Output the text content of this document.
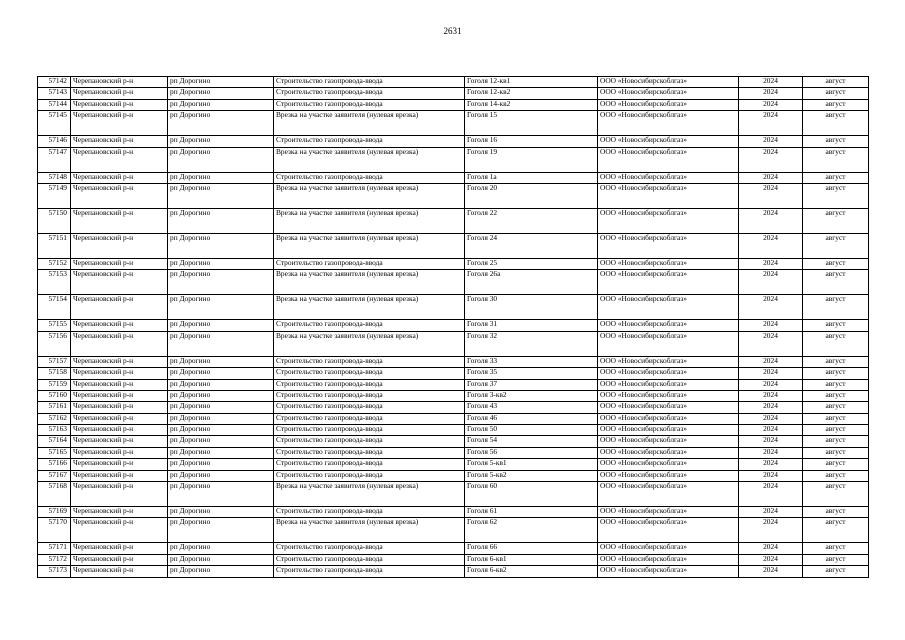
2631
57142	Черепановский р-н	рп Дорогино	Строительство газопровода-ввода	Гоголя 12-кв1	ООО «Новосибирскоблгаз»	2024	август
57143	Черепановский р-н	рп Дорогино	Строительство газопровода-ввода	Гоголя 12-кв2	ООО «Новосибирскоблгаз»	2024	август
57144	Черепановский р-н	рп Дорогино	Строительство газопровода-ввода	Гоголя 14-кв2	ООО «Новосибирскоблгаз»	2024	август
57145	Черепановский р-н	рп Дорогино	Врезка на участке заявителя (нулевая врезка)	Гоголя 15	ООО «Новосибирскоблгаз»	2024	август
57146	Черепановский р-н	рп Дорогино	Строительство газопровода-ввода	Гоголя 16	ООО «Новосибирскоблгаз»	2024	август
57147	Черепановский р-н	рп Дорогино	Врезка на участке заявителя (нулевая врезка)	Гоголя 19	ООО «Новосибирскоблгаз»	2024	август
57148	Черепановский р-н	рп Дорогино	Строительство газопровода-ввода	Гоголя 1а	ООО «Новосибирскоблгаз»	2024	август
57149	Черепановский р-н	рп Дорогино	Врезка на участке заявителя (нулевая врезка)	Гоголя 20	ООО «Новосибирскоблгаз»	2024	август
57150	Черепановский р-н	рп Дорогино	Врезка на участке заявителя (нулевая врезка)	Гоголя 22	ООО «Новосибирскоблгаз»	2024	август
57151	Черепановский р-н	рп Дорогино	Врезка на участке заявителя (нулевая врезка)	Гоголя 24	ООО «Новосибирскоблгаз»	2024	август
57152	Черепановский р-н	рп Дорогино	Строительство газопровода-ввода	Гоголя 25	ООО «Новосибирскоблгаз»	2024	август
57153	Черепановский р-н	рп Дорогино	Врезка на участке заявителя (нулевая врезка)	Гоголя 26а	ООО «Новосибирскоблгаз»	2024	август
57154	Черепановский р-н	рп Дорогино	Врезка на участке заявителя (нулевая врезка)	Гоголя 30	ООО «Новосибирскоблгаз»	2024	август
57155	Черепановский р-н	рп Дорогино	Строительство газопровода-ввода	Гоголя 31	ООО «Новосибирскоблгаз»	2024	август
57156	Черепановский р-н	рп Дорогино	Врезка на участке заявителя (нулевая врезка)	Гоголя 32	ООО «Новосибирскоблгаз»	2024	август
57157	Черепановский р-н	рп Дорогино	Строительство газопровода-ввода	Гоголя 33	ООО «Новосибирскоблгаз»	2024	август
57158	Черепановский р-н	рп Дорогино	Строительство газопровода-ввода	Гоголя 35	ООО «Новосибирскоблгаз»	2024	август
57159	Черепановский р-н	рп Дорогино	Строительство газопровода-ввода	Гоголя 37	ООО «Новосибирскоблгаз»	2024	август
57160	Черепановский р-н	рп Дорогино	Строительство газопровода-ввода	Гоголя 3-кв2	ООО «Новосибирскоблгаз»	2024	август
57161	Черепановский р-н	рп Дорогино	Строительство газопровода-ввода	Гоголя 43	ООО «Новосибирскоблгаз»	2024	август
57162	Черепановский р-н	рп Дорогино	Строительство газопровода-ввода	Гоголя 46	ООО «Новосибирскоблгаз»	2024	август
57163	Черепановский р-н	рп Дорогино	Строительство газопровода-ввода	Гоголя 50	ООО «Новосибирскоблгаз»	2024	август
57164	Черепановский р-н	рп Дорогино	Строительство газопровода-ввода	Гоголя 54	ООО «Новосибирскоблгаз»	2024	август
57165	Черепановский р-н	рп Дорогино	Строительство газопровода-ввода	Гоголя 56	ООО «Новосибирскоблгаз»	2024	август
57166	Черепановский р-н	рп Дорогино	Строительство газопровода-ввода	Гоголя 5-кв1	ООО «Новосибирскоблгаз»	2024	август
57167	Черепановский р-н	рп Дорогино	Строительство газопровода-ввода	Гоголя 5-кв2	ООО «Новосибирскоблгаз»	2024	август
57168	Черепановский р-н	рп Дорогино	Врезка на участке заявителя (нулевая врезка)	Гоголя 60	ООО «Новосибирскоблгаз»	2024	август
57169	Черепановский р-н	рп Дорогино	Строительство газопровода-ввода	Гоголя 61	ООО «Новосибирскоблгаз»	2024	август
57170	Черепановский р-н	рп Дорогино	Врезка на участке заявителя (нулевая врезка)	Гоголя 62	ООО «Новосибирскоблгаз»	2024	август
57171	Черепановский р-н	рп Дорогино	Строительство газопровода-ввода	Гоголя 66	ООО «Новосибирскоблгаз»	2024	август
57172	Черепановский р-н	рп Дорогино	Строительство газопровода-ввода	Гоголя 6-кв1	ООО «Новосибирскоблгаз»	2024	август
57173	Черепановский р-н	рп Дорогино	Строительство газопровода-ввода	Гоголя 6-кв2	ООО «Новосибирскоблгаз»	2024	август
